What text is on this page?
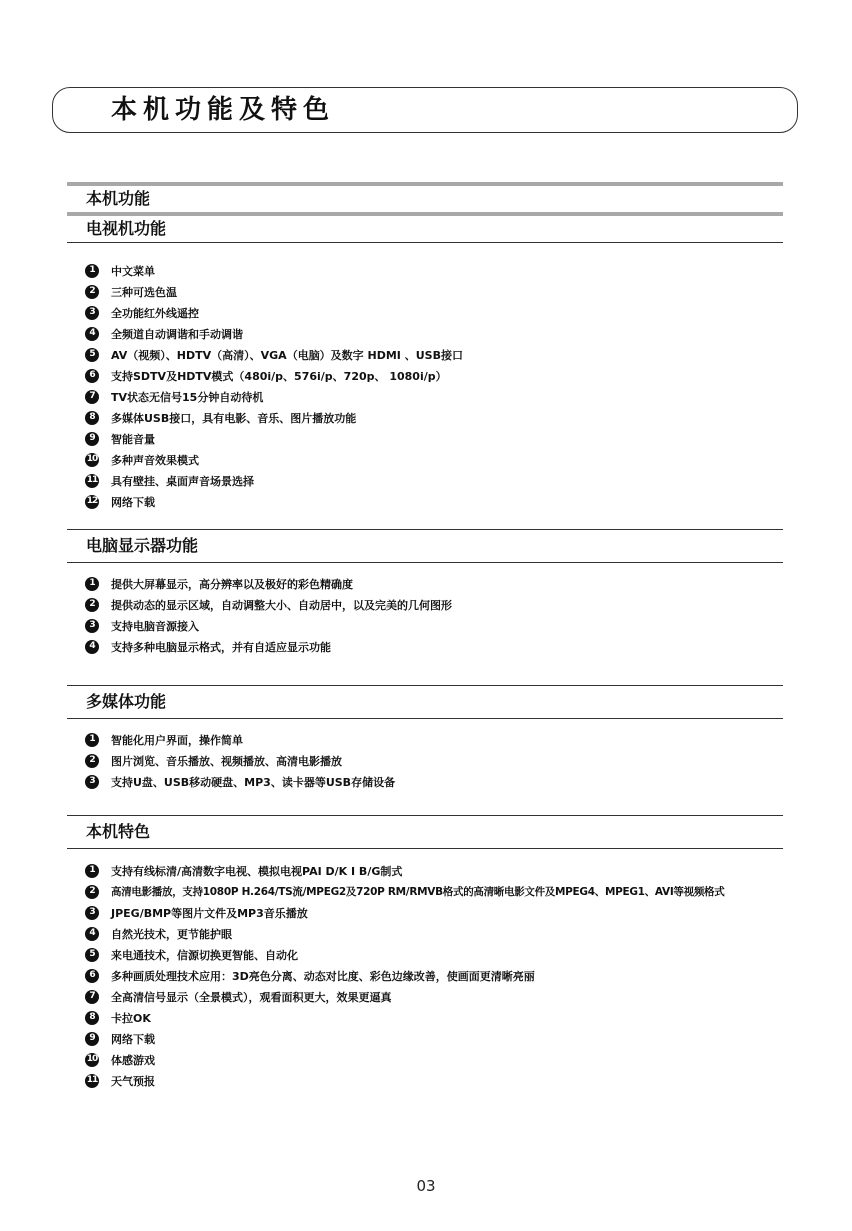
本机功能及特色
本机功能
电视机功能
1	中文菜单
2	三种可选色温
3	全功能红外线遥控
4	全频道自动调谐和手动调谐
5	AV（视频）、HDTV（高清）、VGA（电脑）及数字 HDMI 、USB接口
6	支持SDTV及HDTV模式（480i/p、576i/p、720p、 1080i/p）
7	TV状态无信号15分钟自动待机
8	多媒体USB接口，具有电影、音乐、图片播放功能
9	智能音量
10 多种声音效果模式
11 具有壁挂、桌面声音场景选择
12 网络下载
电脑显示器功能
1	提供大屏幕显示，高分辨率以及极好的彩色精确度
2	提供动态的显示区域，自动调整大小、自动居中，以及完美的几何图形
3	支持电脑音源接入
4	支持多种电脑显示格式，并有自适应显示功能
多媒体功能
1	智能化用户界面，操作简单
2	图片浏览、音乐播放、视频播放、高清电影播放
3	支持U盘、USB移动硬盘、MP3、读卡器等USB存储设备
本机特色
1	支持有线标清/高清数字电视、模拟电视PAI D/K I B/G制式
2	高清电影播放，支持1080P H.264/TS流/MPEG2及720P RM/RMVB格式的高清晰电影文件及MPEG4、MPEG1、AVI等视频格式
3	JPEG/BMP等图片文件及MP3音乐播放
4	自然光技术，更节能护眼
5	来电通技术，信源切换更智能、自动化
6	多种画质处理技术应用：3D亮色分离、动态对比度、彩色边缘改善，使画面更清晰亮丽
7	全高清信号显示（全景模式），观看面积更大，效果更逼真
8	卡拉OK
9	网络下载
10 体感游戏
11 天气预报
03
